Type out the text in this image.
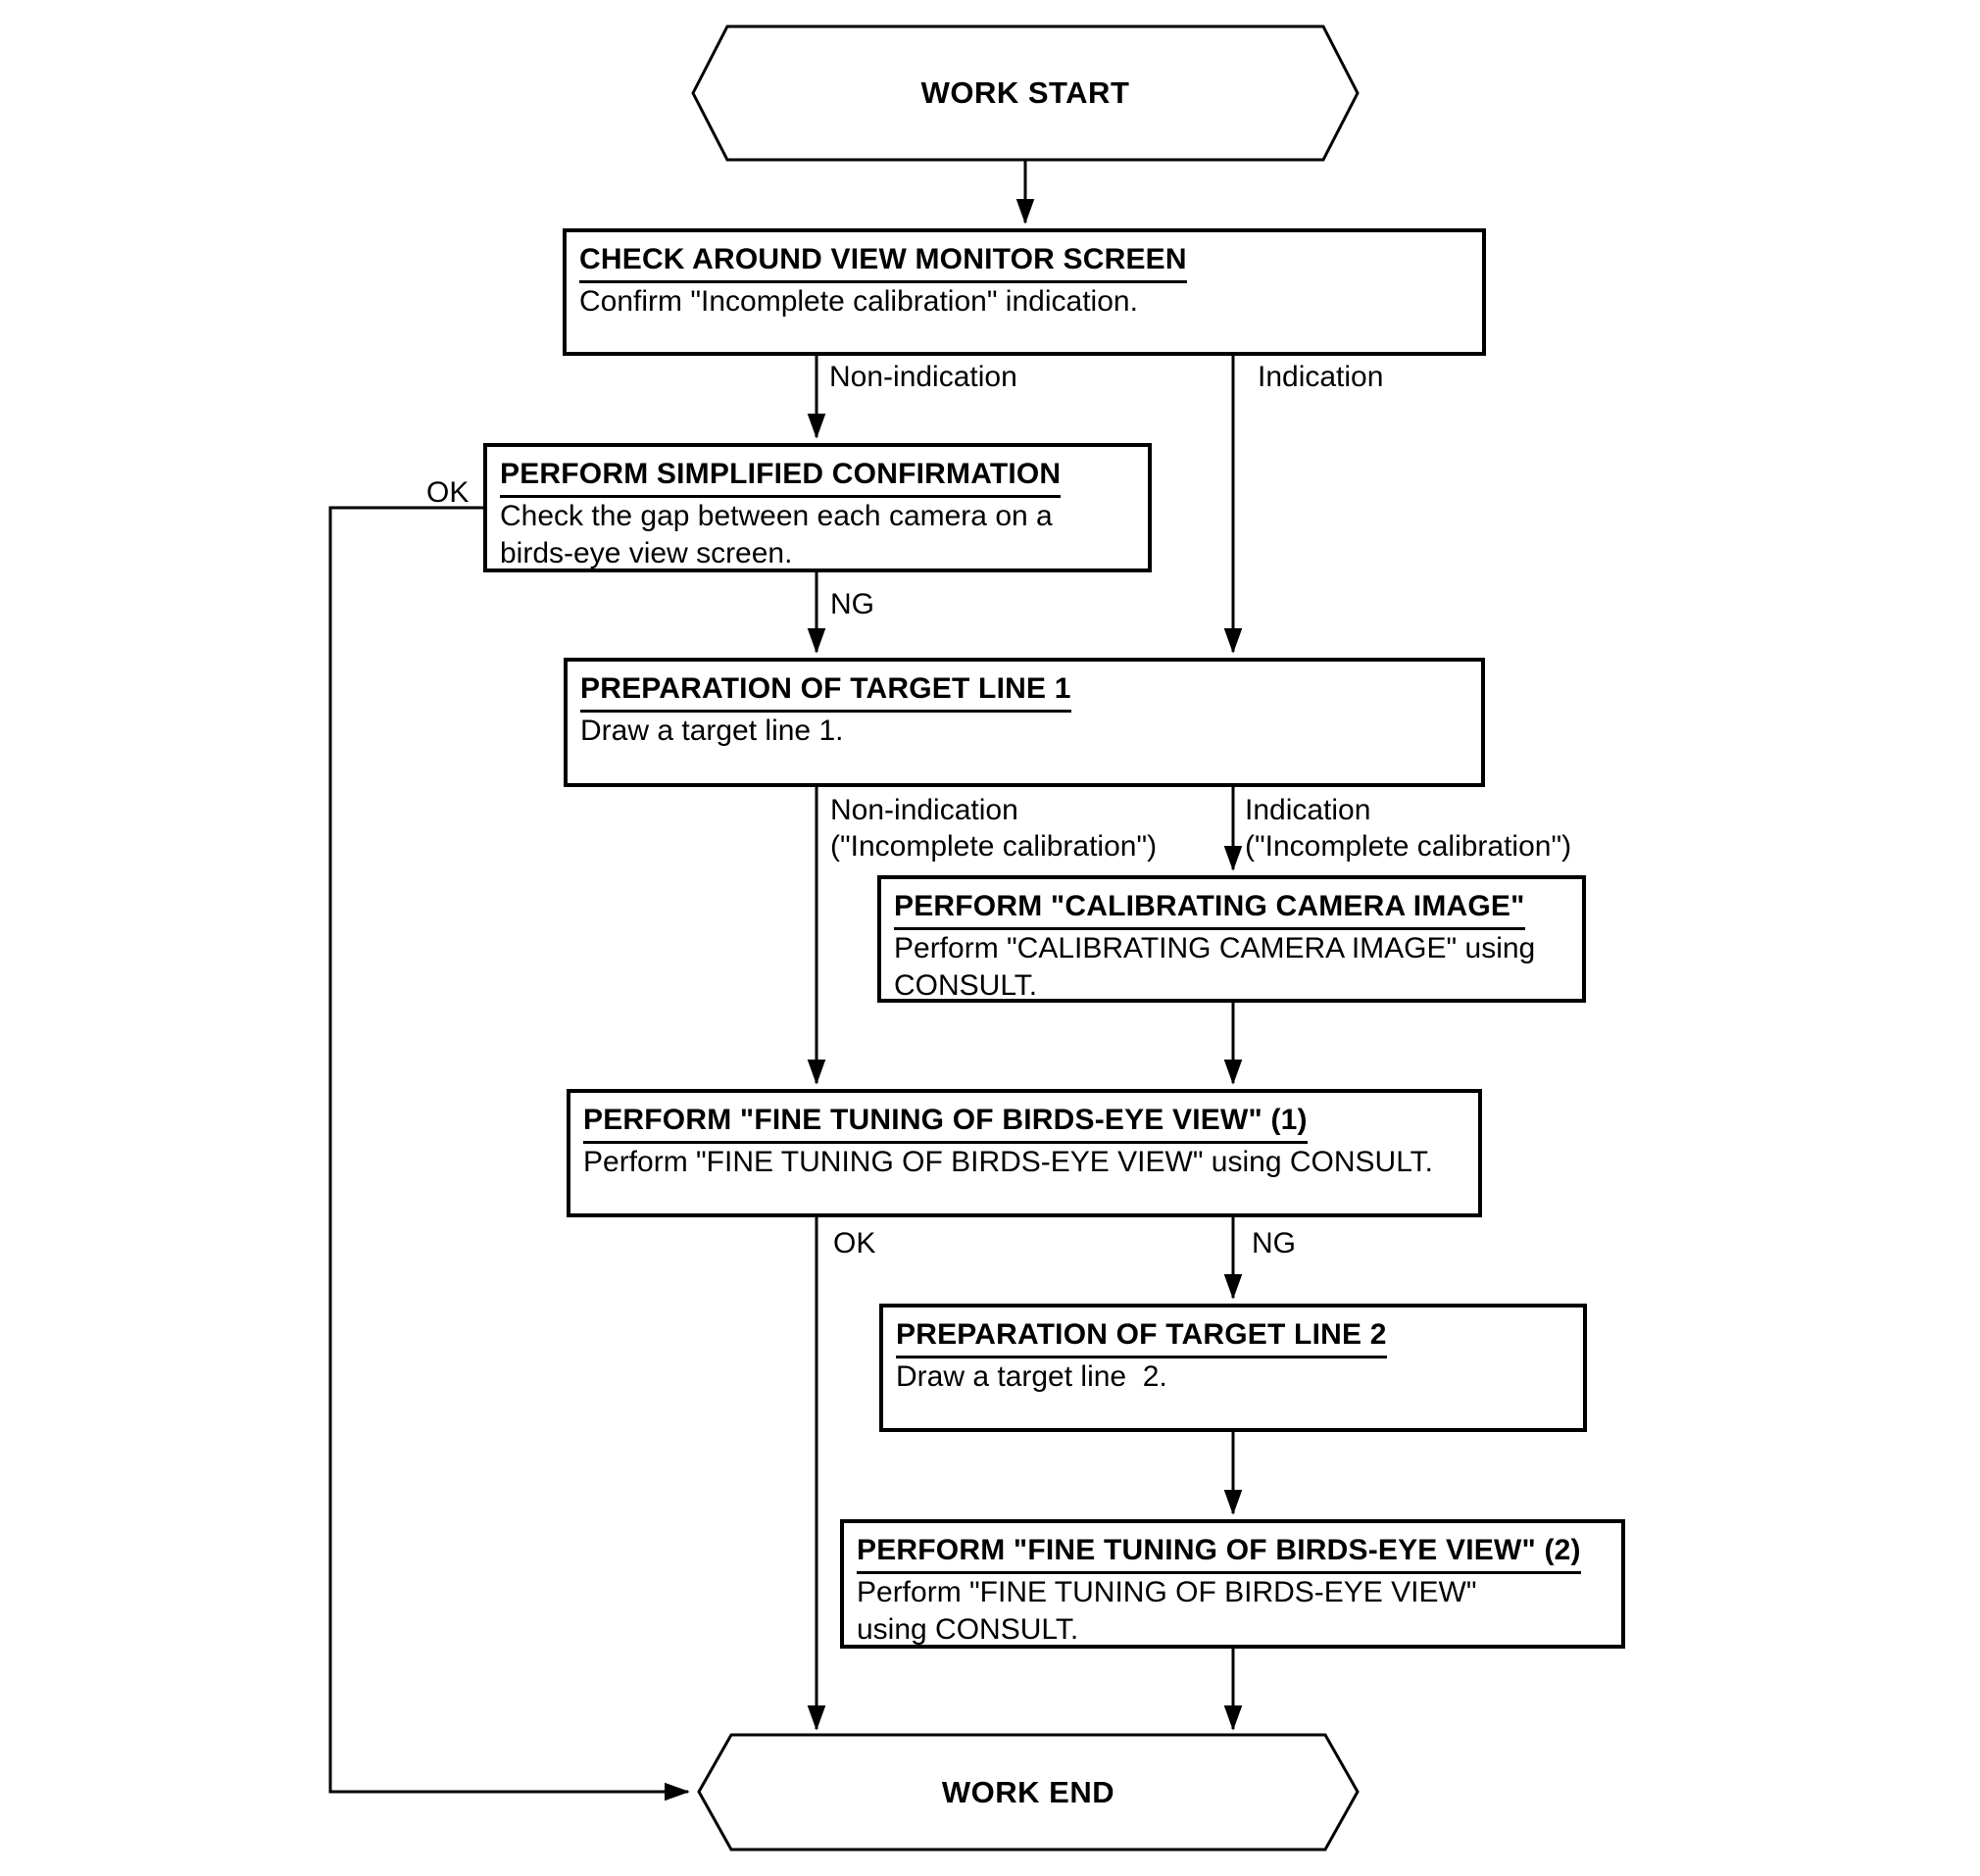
WORK START
CHECK AROUND VIEW MONITOR SCREEN
Confirm "Incomplete calibration" indication.
Non-indication	Indication
OK
PERFORM SIMPLIFIED CONFIRMATION
Check the gap between each camera on a
birds-eye view screen.
NG
PREPARATION OF TARGET LINE 1
Draw a target line 1.
Non-indication
("Incomplete calibration")
Indication
("Incomplete calibration")
PERFORM "CALIBRATING CAMERA IMAGE"
Perform "CALIBRATING CAMERA IMAGE" using
CONSULT.
PERFORM "FINE TUNING OF BIRDS-EYE VIEW" (1)
Perform "FINE TUNING OF BIRDS-EYE VIEW" using CONSULT.
OK	NG
PREPARATION OF TARGET LINE 2
Draw a target line  2.
PERFORM "FINE TUNING OF BIRDS-EYE VIEW" (2)
Perform "FINE TUNING OF BIRDS-EYE VIEW"
using CONSULT.
WORK END
